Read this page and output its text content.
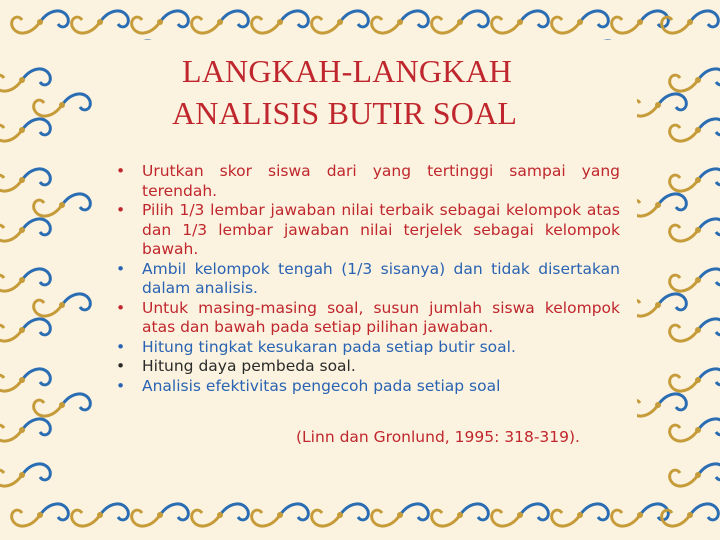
LANGKAH-LANGKAH
ANALISIS BUTIR SOAL
•	Urutkan skor siswa dari yang tertinggi sampai yang terendah.
•	Pilih 1/3 lembar jawaban nilai terbaik sebagai kelompok atas dan 1/3 lembar jawaban nilai terjelek sebagai kelompok bawah.
•	Ambil kelompok tengah (1/3 sisanya) dan tidak disertakan dalam analisis.
•	Untuk masing-masing soal, susun jumlah siswa kelompok atas dan bawah pada setiap pilihan jawaban.
•	Hitung tingkat kesukaran pada setiap butir soal.
•	Hitung daya pembeda soal.
•	Analisis efektivitas pengecoh pada setiap soal
(Linn dan Gronlund, 1995: 318-319).
